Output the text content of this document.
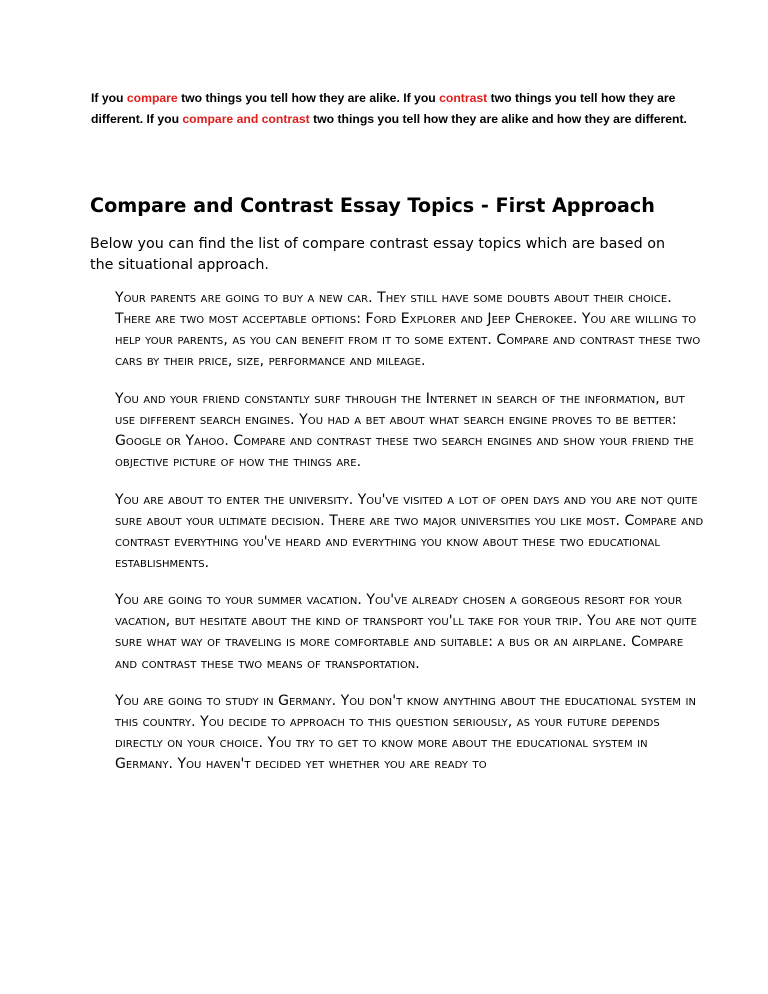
If you compare two things you tell how they are alike. If you contrast two things you tell how they are different. If you compare and contrast two things you tell how they are alike and how they are different.

Compare and Contrast Essay Topics - First Approach

Below you can find the list of compare contrast essay topics which are based on the situational approach.

Your parents are going to buy a new car. They still have some doubts about their choice. There are two most acceptable options: Ford Explorer and Jeep Cherokee. You are willing to help your parents, as you can benefit from it to some extent. Compare and contrast these two cars by their price, size, performance and mileage.
You and your friend constantly surf through the Internet in search of the information, but use different search engines. You had a bet about what search engine proves to be better: Google or Yahoo. Compare and contrast these two search engines and show your friend the objective picture of how the things are.
You are about to enter the university. You've visited a lot of open days and you are not quite sure about your ultimate decision. There are two major universities you like most. Compare and contrast everything you've heard and everything you know about these two educational establishments.
You are going to your summer vacation. You've already chosen a gorgeous resort for your vacation, but hesitate about the kind of transport you'll take for your trip. You are not quite sure what way of traveling is more comfortable and suitable: a bus or an airplane. Compare and contrast these two means of transportation.
You are going to study in Germany. You don't know anything about the educational system in this country. You decide to approach to this question seriously, as your future depends directly on your choice. You try to get to know more about the educational system in Germany. You haven't decided yet whether you are ready to
